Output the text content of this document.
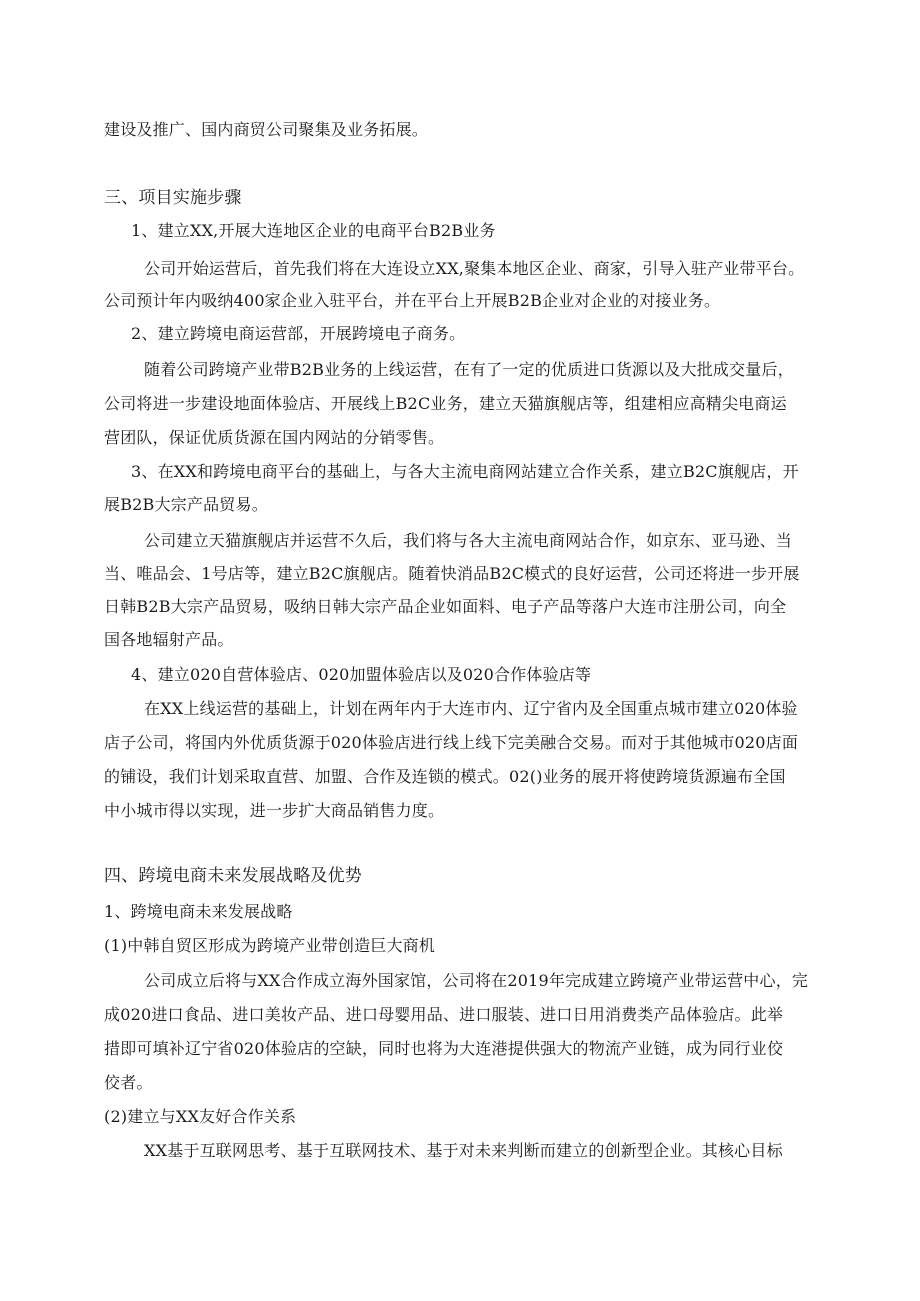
建设及推广、国内商贸公司聚集及业务拓展。
三、项目实施步骤
1、建立XX,开展大连地区企业的电商平台B2B业务
公司开始运营后，首先我们将在大连设立XX,聚集本地区企业、商家，引导入驻产业带平台。
公司预计年内吸纳400家企业入驻平台，并在平台上开展B2B企业对企业的对接业务。
2、建立跨境电商运营部，开展跨境电子商务。
随着公司跨境产业带B2B业务的上线运营，在有了一定的优质进口货源以及大批成交量后，
公司将进一步建设地面体验店、开展线上B2C业务，建立天猫旗舰店等，组建相应高精尖电商运
营团队，保证优质货源在国内网站的分销零售。
3、在XX和跨境电商平台的基础上，与各大主流电商网站建立合作关系，建立B2C旗舰店，开
展B2B大宗产品贸易。
公司建立天猫旗舰店并运营不久后，我们将与各大主流电商网站合作，如京东、亚马逊、当
当、唯品会、1号店等，建立B2C旗舰店。随着快消品B2C模式的良好运营，公司还将进一步开展
日韩B2B大宗产品贸易，吸纳日韩大宗产品企业如面料、电子产品等落户大连市注册公司，向全
国各地辐射产品。
4、建立020自营体验店、020加盟体验店以及020合作体验店等
在XX上线运营的基础上，计划在两年内于大连市内、辽宁省内及全国重点城市建立020体验
店子公司，将国内外优质货源于020体验店进行线上线下完美融合交易。而对于其他城市020店面
的铺设，我们计划采取直营、加盟、合作及连锁的模式。02()业务的展开将使跨境货源遍布全国
中小城市得以实现，进一步扩大商品销售力度。
四、跨境电商未来发展战略及优势
1、跨境电商未来发展战略
(1)中韩自贸区形成为跨境产业带创造巨大商机
公司成立后将与XX合作成立海外国家馆，公司将在2019年完成建立跨境产业带运营中心，完
成020进口食品、进口美妆产品、进口母婴用品、进口服装、进口日用消费类产品体验店。此举
措即可填补辽宁省020体验店的空缺，同时也将为大连港提供强大的物流产业链，成为同行业佼
佼者。
(2)建立与XX友好合作关系
XX基于互联网思考、基于互联网技术、基于对未来判断而建立的创新型企业。其核心目标
